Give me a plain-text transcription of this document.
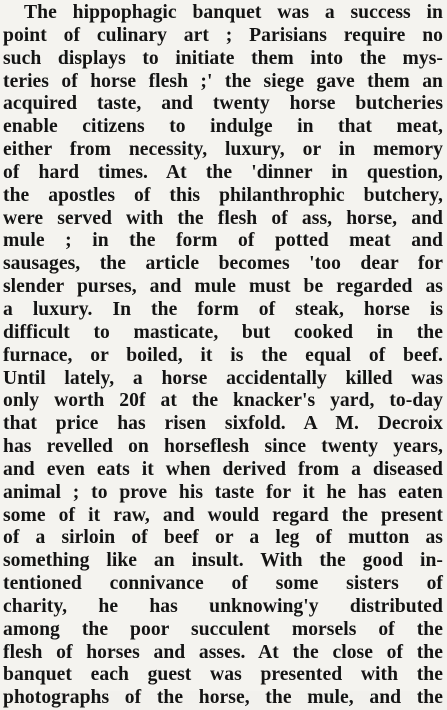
The hippophagic banquet was a success in
point of culinary art ; Parisians require no
such displays to initiate them into the mys-
teries of horse flesh ;' the siege gave them an
acquired taste, and twenty horse butcheries
enable citizens to indulge in that meat,
either from necessity, luxury, or in memory
of hard times. At the 'dinner in question,
the apostles of this philanthrophic butchery,
were served with the flesh of ass, horse, and
mule ; in the form of potted meat and
sausages, the article becomes 'too dear for
slender purses, and mule must be regarded as
a luxury. In the form of steak, horse is
difficult to masticate, but cooked in the
furnace, or boiled, it is the equal of beef.
Until lately, a horse accidentally killed was
only worth 20f at the knacker's yard, to-day
that price has risen sixfold. A M. Decroix
has revelled on horseflesh since twenty years,
and even eats it when derived from a diseased
animal ; to prove his taste for it he has eaten
some of it raw, and would regard the present
of a sirloin of beef or a leg of mutton as
something like an insult. With the good in-
tentioned connivance of some sisters of
charity, he has unknowing'y distributed
among the poor succulent morsels of the
flesh of horses and asses. At the close of the
banquet each guest was presented with the
photographs of the horse, the mule, and the
